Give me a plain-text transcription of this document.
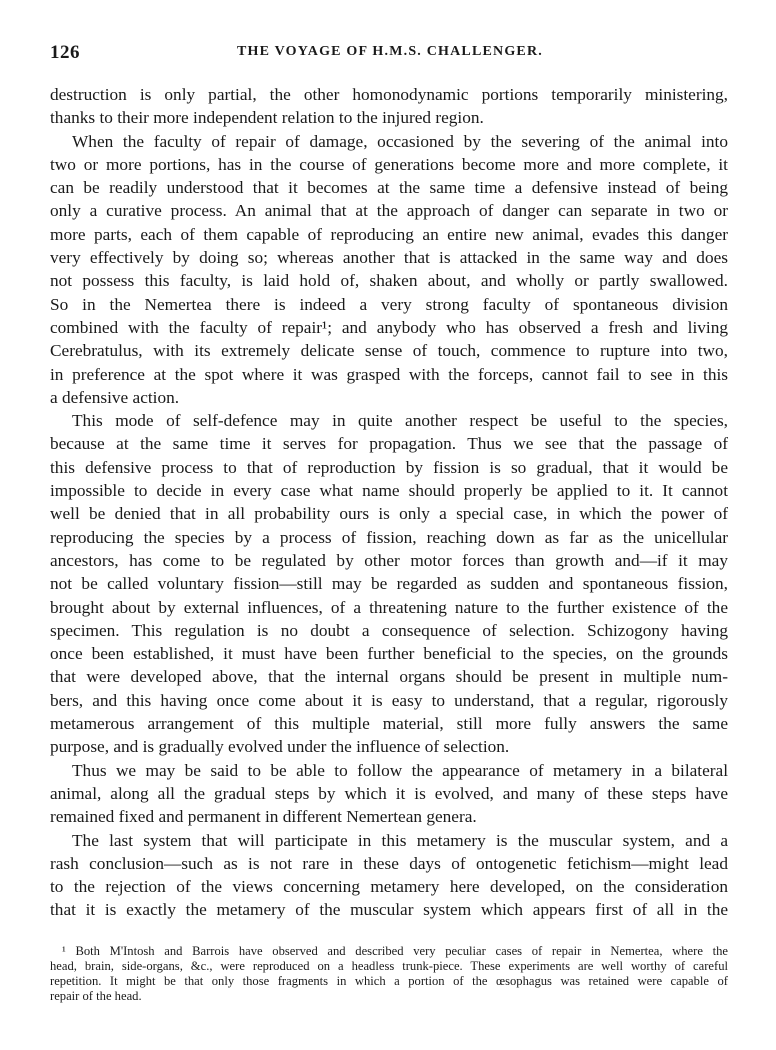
126	THE VOYAGE OF H.M.S. CHALLENGER.
destruction is only partial, the other homonodynamic portions temporarily ministering,
thanks to their more independent relation to the injured region.
When the faculty of repair of damage, occasioned by the severing of the animal into
two or more portions, has in the course of generations become more and more complete, it
can be readily understood that it becomes at the same time a defensive instead of being
only a curative process. An animal that at the approach of danger can separate in two or
more parts, each of them capable of reproducing an entire new animal, evades this danger
very effectively by doing so; whereas another that is attacked in the same way and does
not possess this faculty, is laid hold of, shaken about, and wholly or partly swallowed.
So in the Nemertea there is indeed a very strong faculty of spontaneous division
combined with the faculty of repair¹; and anybody who has observed a fresh and living
Cerebratulus, with its extremely delicate sense of touch, commence to rupture into two,
in preference at the spot where it was grasped with the forceps, cannot fail to see in this
a defensive action.
This mode of self-defence may in quite another respect be useful to the species,
because at the same time it serves for propagation. Thus we see that the passage of
this defensive process to that of reproduction by fission is so gradual, that it would be
impossible to decide in every case what name should properly be applied to it. It cannot
well be denied that in all probability ours is only a special case, in which the power of
reproducing the species by a process of fission, reaching down as far as the unicellular
ancestors, has come to be regulated by other motor forces than growth and—if it may
not be called voluntary fission—still may be regarded as sudden and spontaneous fission,
brought about by external influences, of a threatening nature to the further existence of the
specimen. This regulation is no doubt a consequence of selection. Schizogony having
once been established, it must have been further beneficial to the species, on the grounds
that were developed above, that the internal organs should be present in multiple num-
bers, and this having once come about it is easy to understand, that a regular, rigorously
metamerous arrangement of this multiple material, still more fully answers the same
purpose, and is gradually evolved under the influence of selection.
Thus we may be said to be able to follow the appearance of metamery in a bilateral
animal, along all the gradual steps by which it is evolved, and many of these steps have
remained fixed and permanent in different Nemertean genera.
The last system that will participate in this metamery is the muscular system, and a
rash conclusion—such as is not rare in these days of ontogenetic fetichism—might lead
to the rejection of the views concerning metamery here developed, on the consideration
that it is exactly the metamery of the muscular system which appears first of all in the
¹ Both M'Intosh and Barrois have observed and described very peculiar cases of repair in Nemertea, where the
head, brain, side-organs, &c., were reproduced on a headless trunk-piece. These experiments are well worthy of careful
repetition. It might be that only those fragments in which a portion of the œsophagus was retained were capable of
repair of the head.
